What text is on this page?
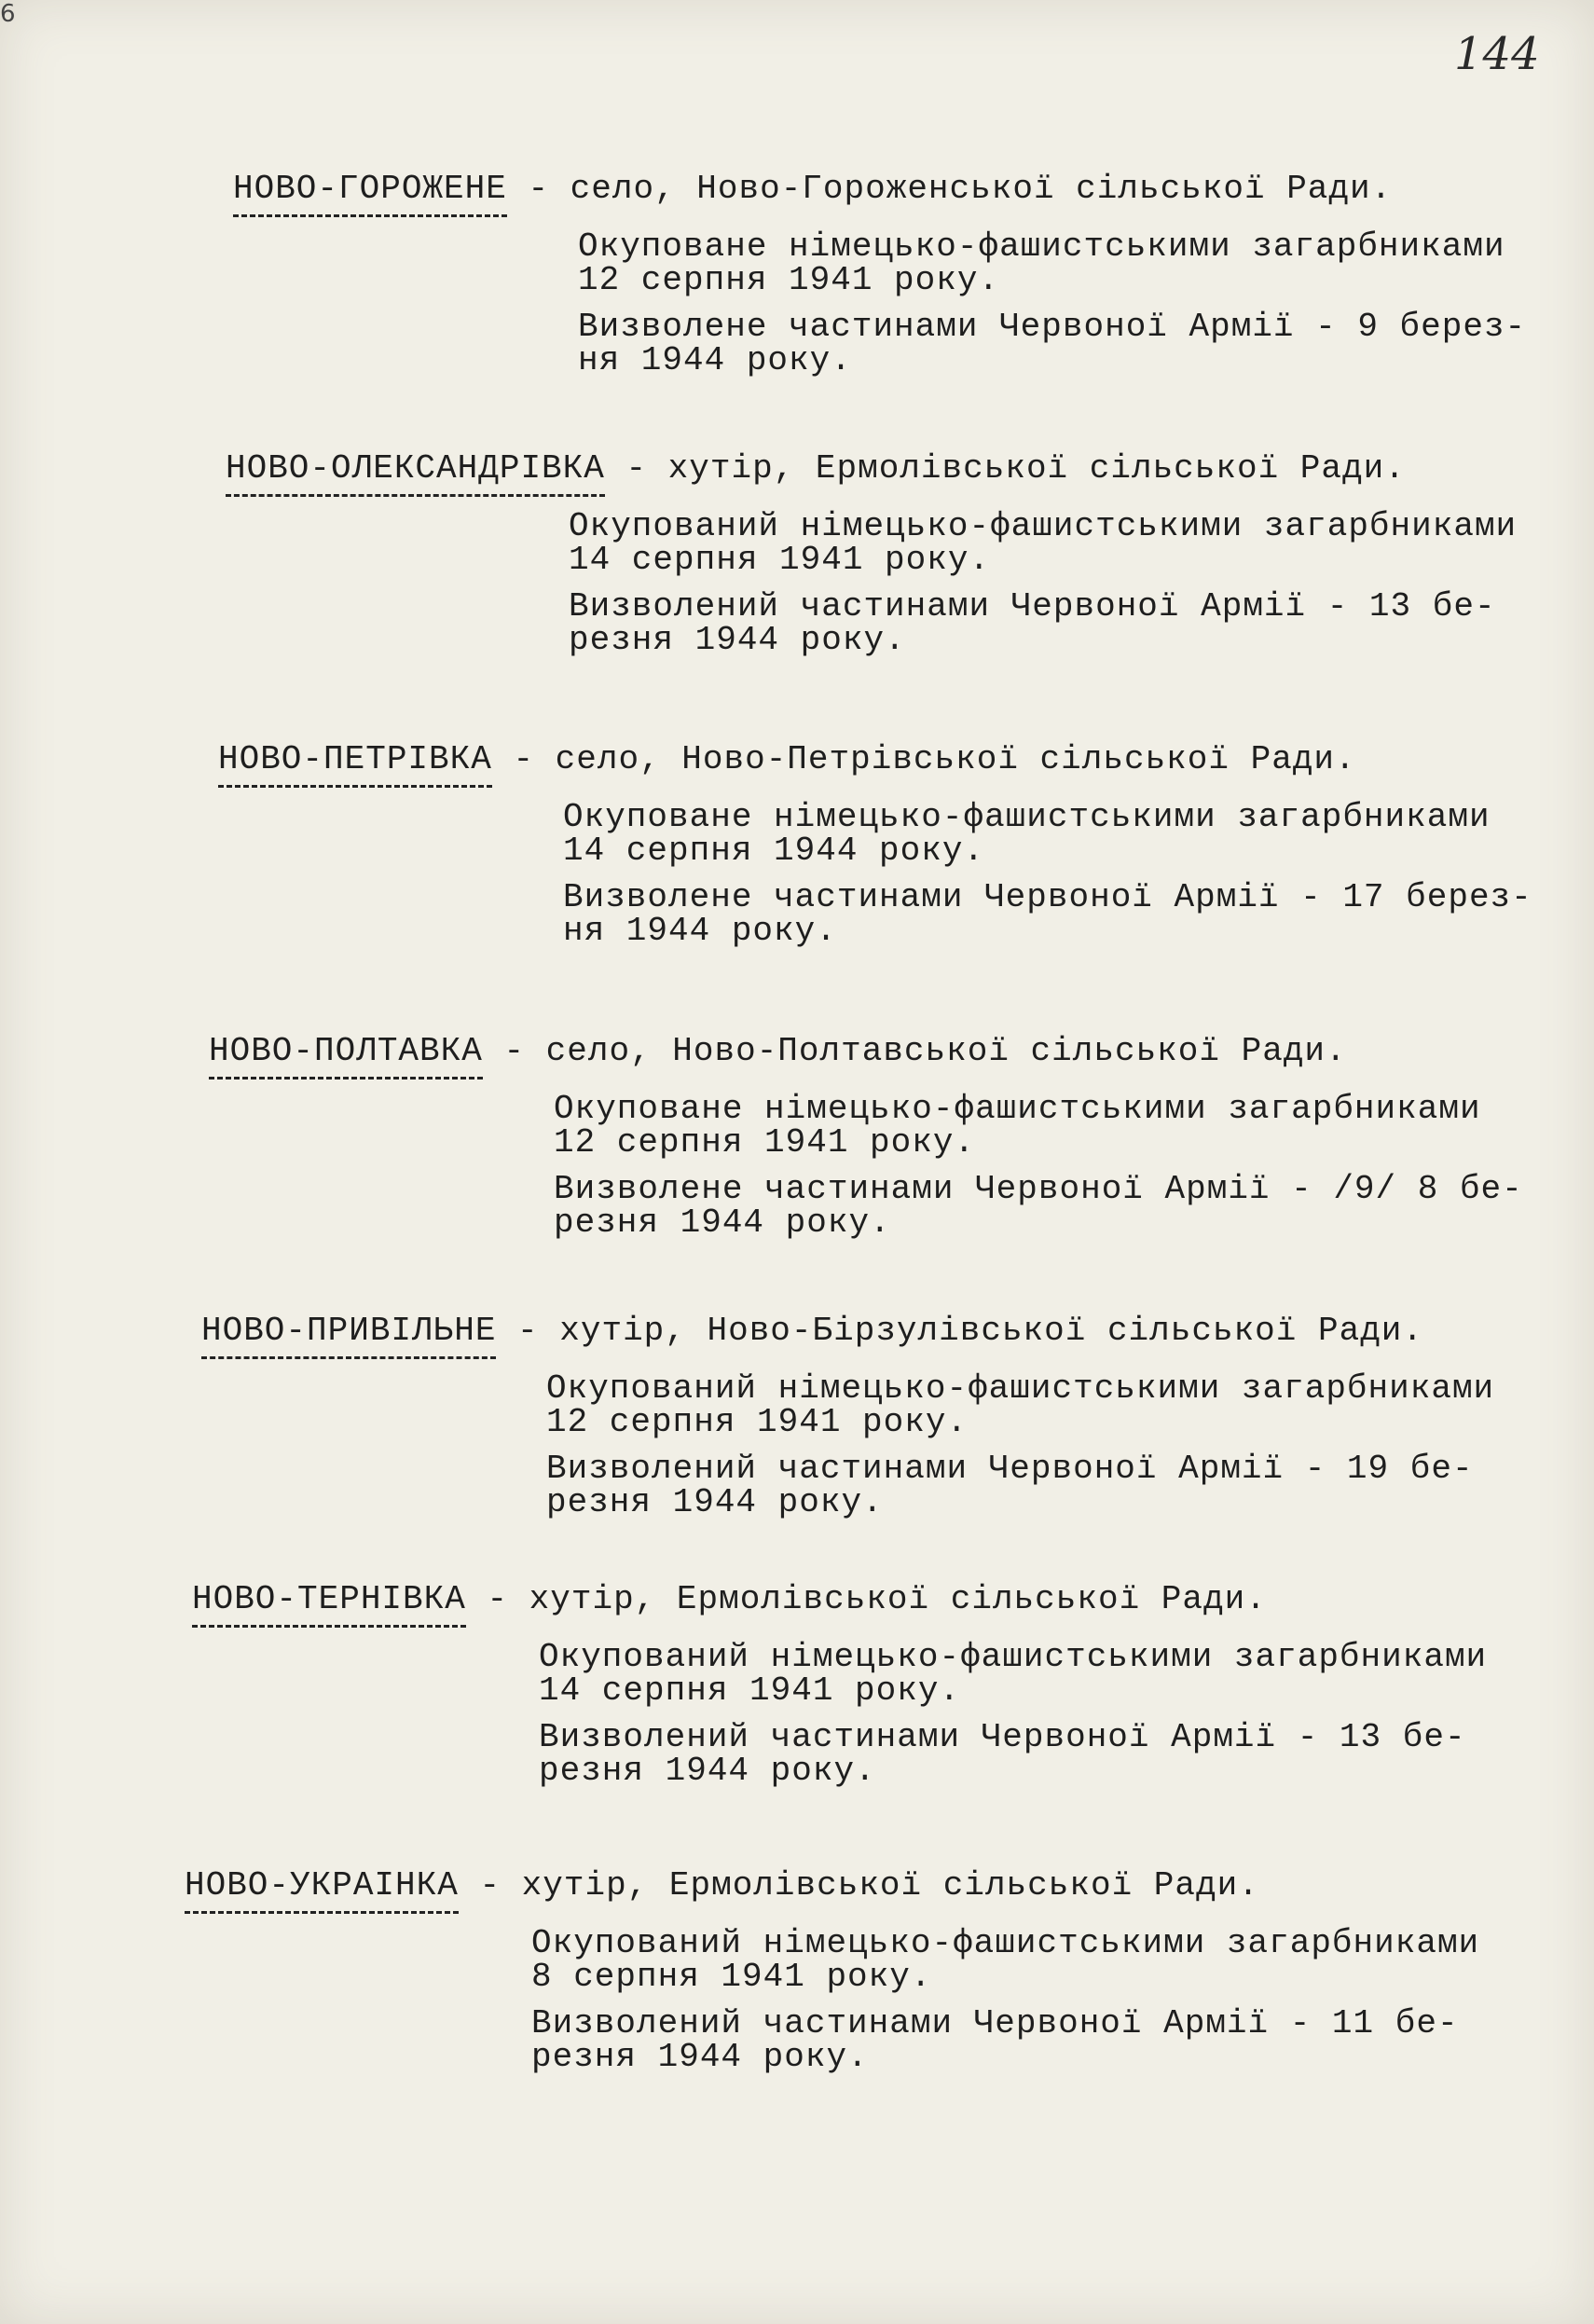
6
144
НОВО-ГОРОЖЕНЕ - село, Ново-Гороженської сільської Ради.
Окуповане німецько-фашистськими загарбниками
12 серпня 1941 року.
Визволене частинами Червоної Армії - 9 берез-
ня 1944 року.
НОВО-ОЛЕКСАНДРІВКА - хутір, Ермолівської сільської Ради.
Окупований німецько-фашистськими загарбниками
14 серпня 1941 року.
Визволений частинами Червоної Армії - 13 бе-
резня 1944 року.
НОВО-ПЕТРІВКА - село, Ново-Петрівської сільської Ради.
Окуповане німецько-фашистськими загарбниками
14 серпня 1944 року.
Визволене частинами Червоної Армії - 17 берез-
ня 1944 року.
НОВО-ПОЛТАВКА - село, Ново-Полтавської сільської Ради.
Окуповане німецько-фашистськими загарбниками
12 серпня 1941 року.
Визволене частинами Червоної Армії - /9/ 8 бе-
резня 1944 року.
НОВО-ПРИВІЛЬНЕ - хутір, Ново-Бірзулівської сільської Ради.
Окупований німецько-фашистськими загарбниками
12 серпня 1941 року.
Визволений частинами Червоної Армії - 19 бе-
резня 1944 року.
НОВО-ТЕРНІВКА - хутір, Ермолівської сільської Ради.
Окупований німецько-фашистськими загарбниками
14 серпня 1941 року.
Визволений частинами Червоної Армії - 13 бе-
резня 1944 року.
НОВО-УКРАІНКА - хутір, Ермолівської сільської Ради.
Окупований німецько-фашистськими загарбниками
8 серпня 1941 року.
Визволений частинами Червоної Армії - 11 бе-
резня 1944 року.
